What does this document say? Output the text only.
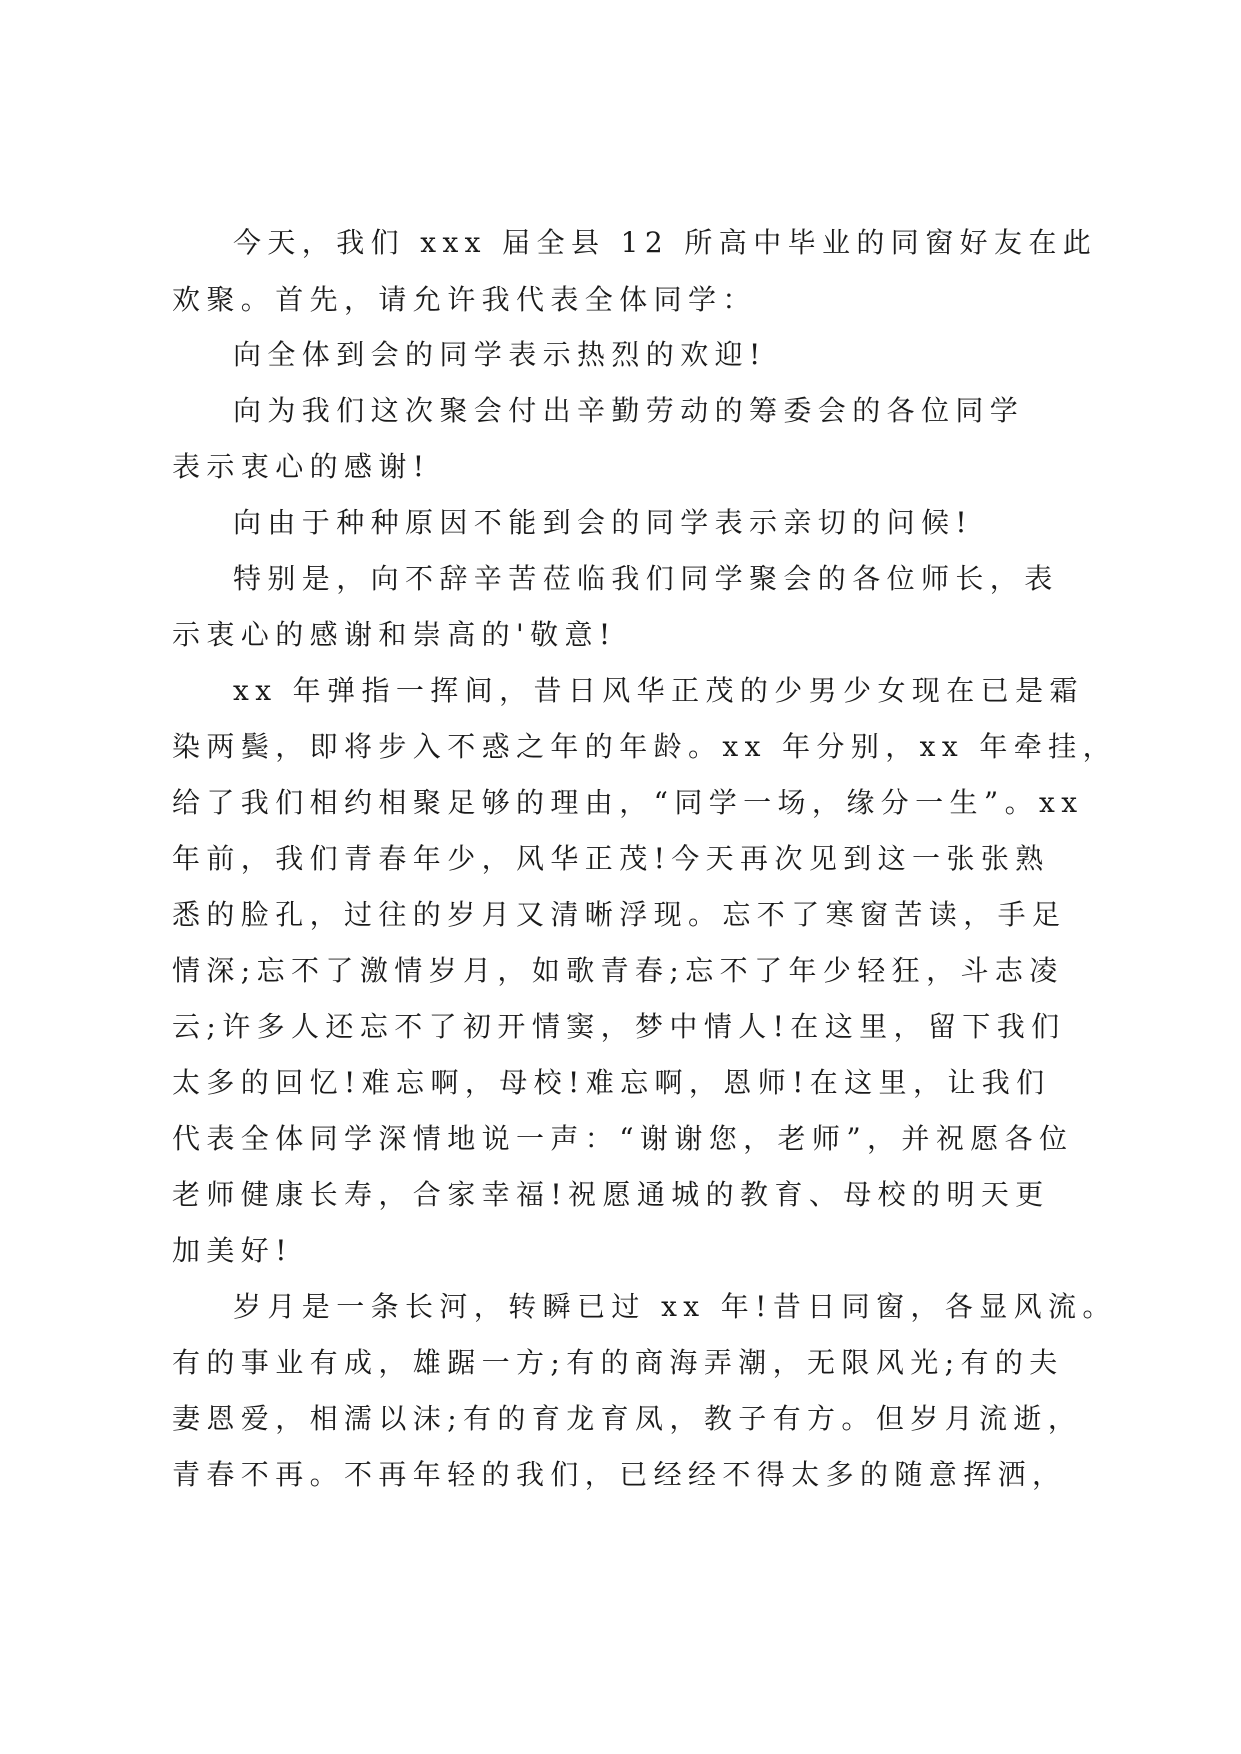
今天，我们 xxx 届全县 12 所高中毕业的同窗好友在此
欢聚。首先，请允许我代表全体同学：
向全体到会的同学表示热烈的欢迎!
向为我们这次聚会付出辛勤劳动的筹委会的各位同学
表示衷心的感谢!
向由于种种原因不能到会的同学表示亲切的问候!
特别是，向不辞辛苦莅临我们同学聚会的各位师长，表
示衷心的感谢和崇高的'敬意!
xx 年弹指一挥间，昔日风华正茂的少男少女现在已是霜
染两鬓，即将步入不惑之年的年龄。xx 年分别，xx 年牵挂，
给了我们相约相聚足够的理由，“同学一场，缘分一生”。xx
年前，我们青春年少，风华正茂!今天再次见到这一张张熟
悉的脸孔，过往的岁月又清晰浮现。忘不了寒窗苦读，手足
情深;忘不了激情岁月，如歌青春;忘不了年少轻狂，斗志凌
云;许多人还忘不了初开情窦，梦中情人!在这里，留下我们
太多的回忆!难忘啊，母校!难忘啊，恩师!在这里，让我们
代表全体同学深情地说一声：“谢谢您，老师”，并祝愿各位
老师健康长寿，合家幸福!祝愿通城的教育、母校的明天更
加美好!
岁月是一条长河，转瞬已过 xx 年!昔日同窗，各显风流。
有的事业有成，雄踞一方;有的商海弄潮，无限风光;有的夫
妻恩爱，相濡以沫;有的育龙育凤，教子有方。但岁月流逝，
青春不再。不再年轻的我们，已经经不得太多的随意挥洒，
